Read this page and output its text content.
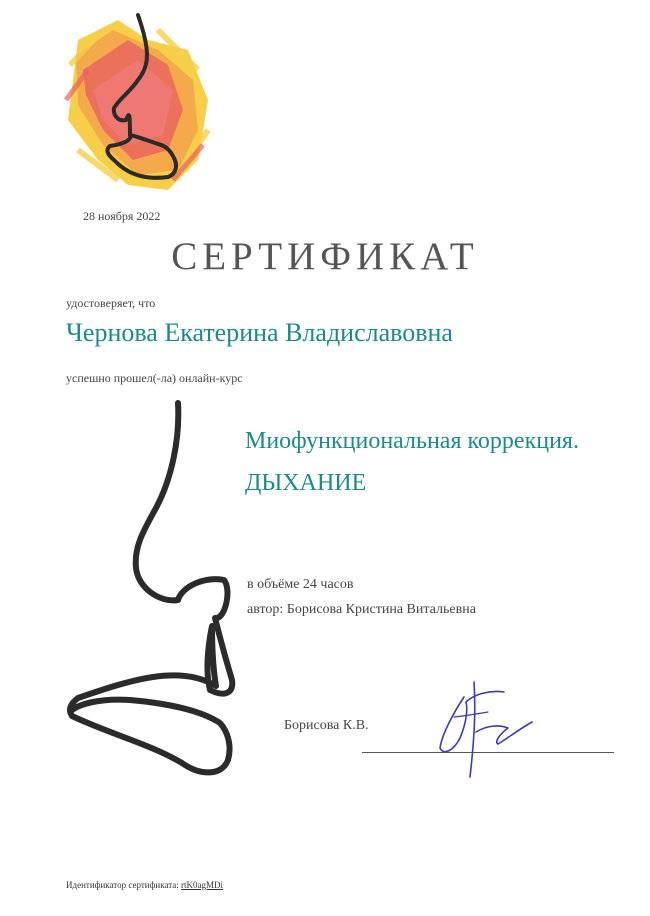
28 ноября 2022
СЕРТИФИКАТ
удостоверяет, что
Чернова Екатерина Владиславовна
успешно прошел(-ла) онлайн-курс
Миофункциональная коррекция.
ДЫХАНИЕ
в объёме 24 часов
автор: Борисова Кристина Витальевна
Борисова К.В.
Идентификатор сертификата: rtK0agMDi
